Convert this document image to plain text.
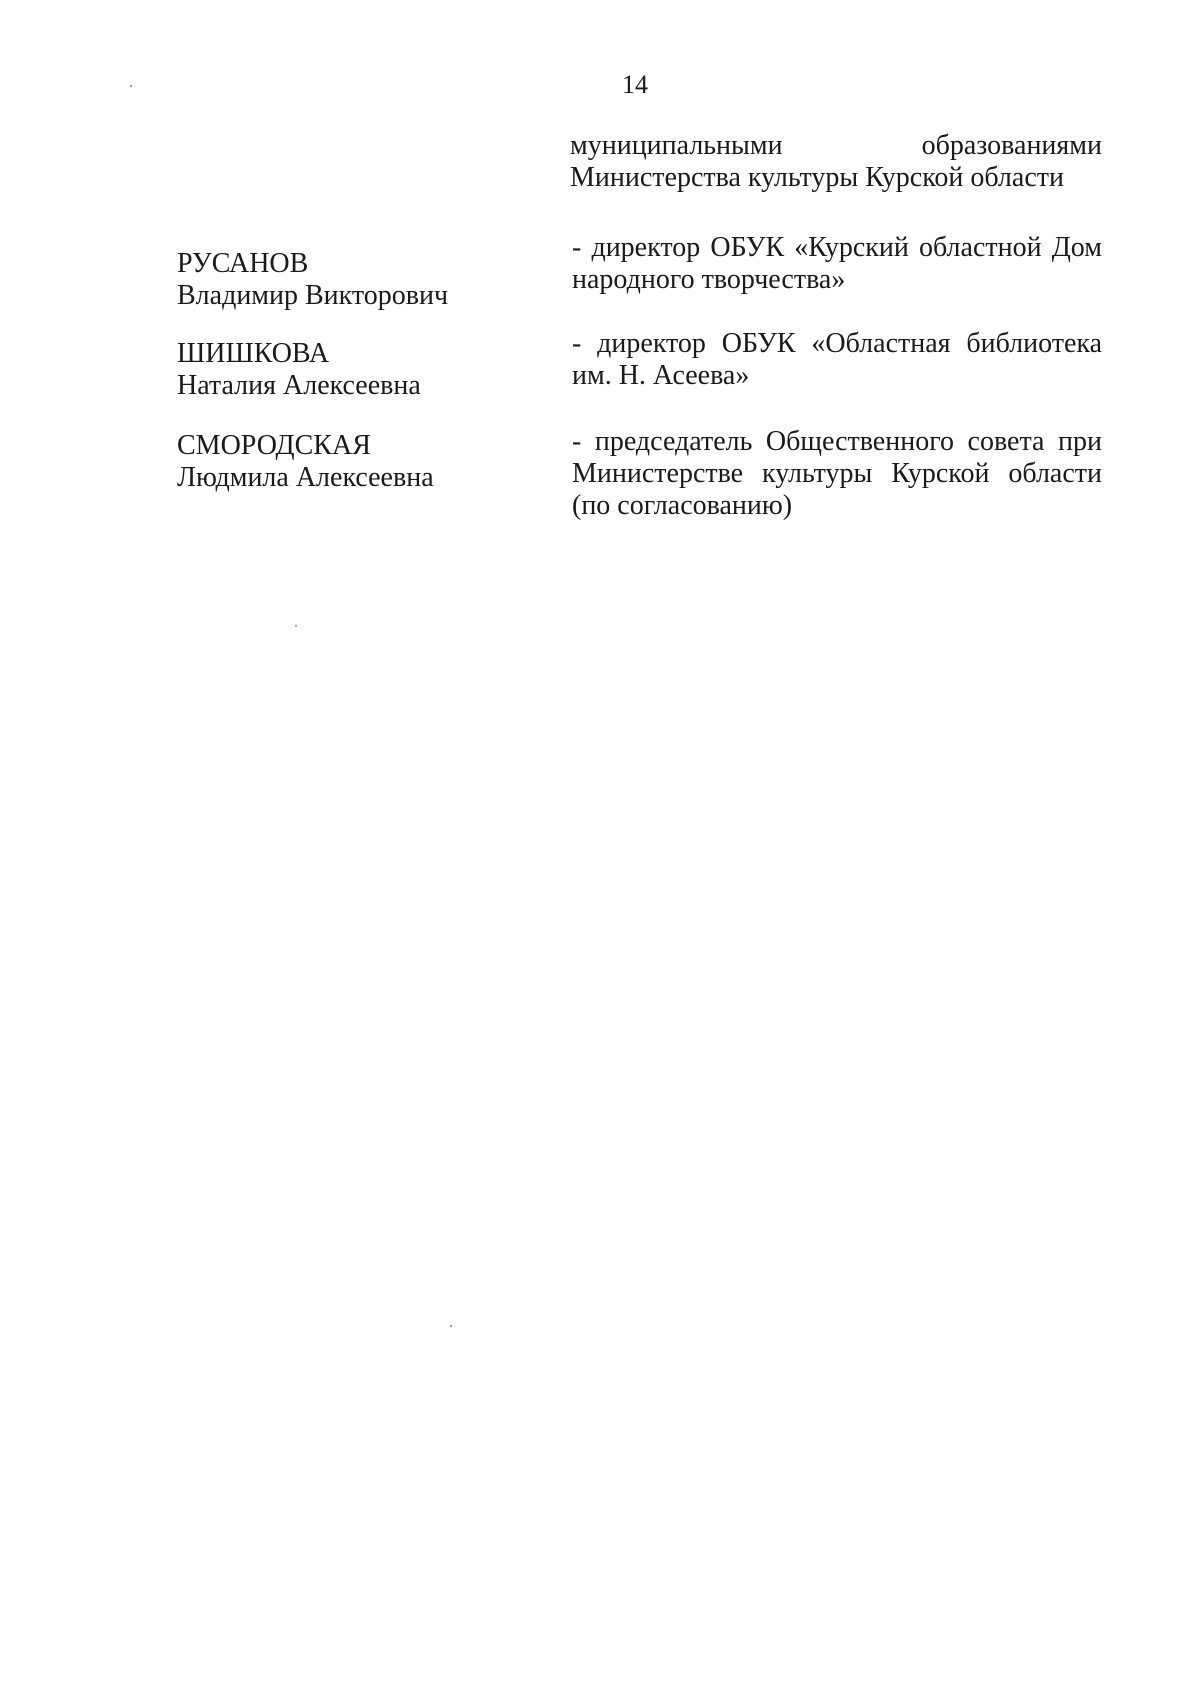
14
муниципальными	образованиями
Министерства культуры Курской области
РУСАНОВ
Владимир Викторович
- директор ОБУК «Курский областной Дом народного творчества»
ШИШКОВА
Наталия Алексеевна
- директор ОБУК «Областная библиотека им. Н. Асеева»
СМОРОДСКАЯ
Людмила Алексеевна
- председатель Общественного совета при Министерстве культуры Курской области (по согласованию)
